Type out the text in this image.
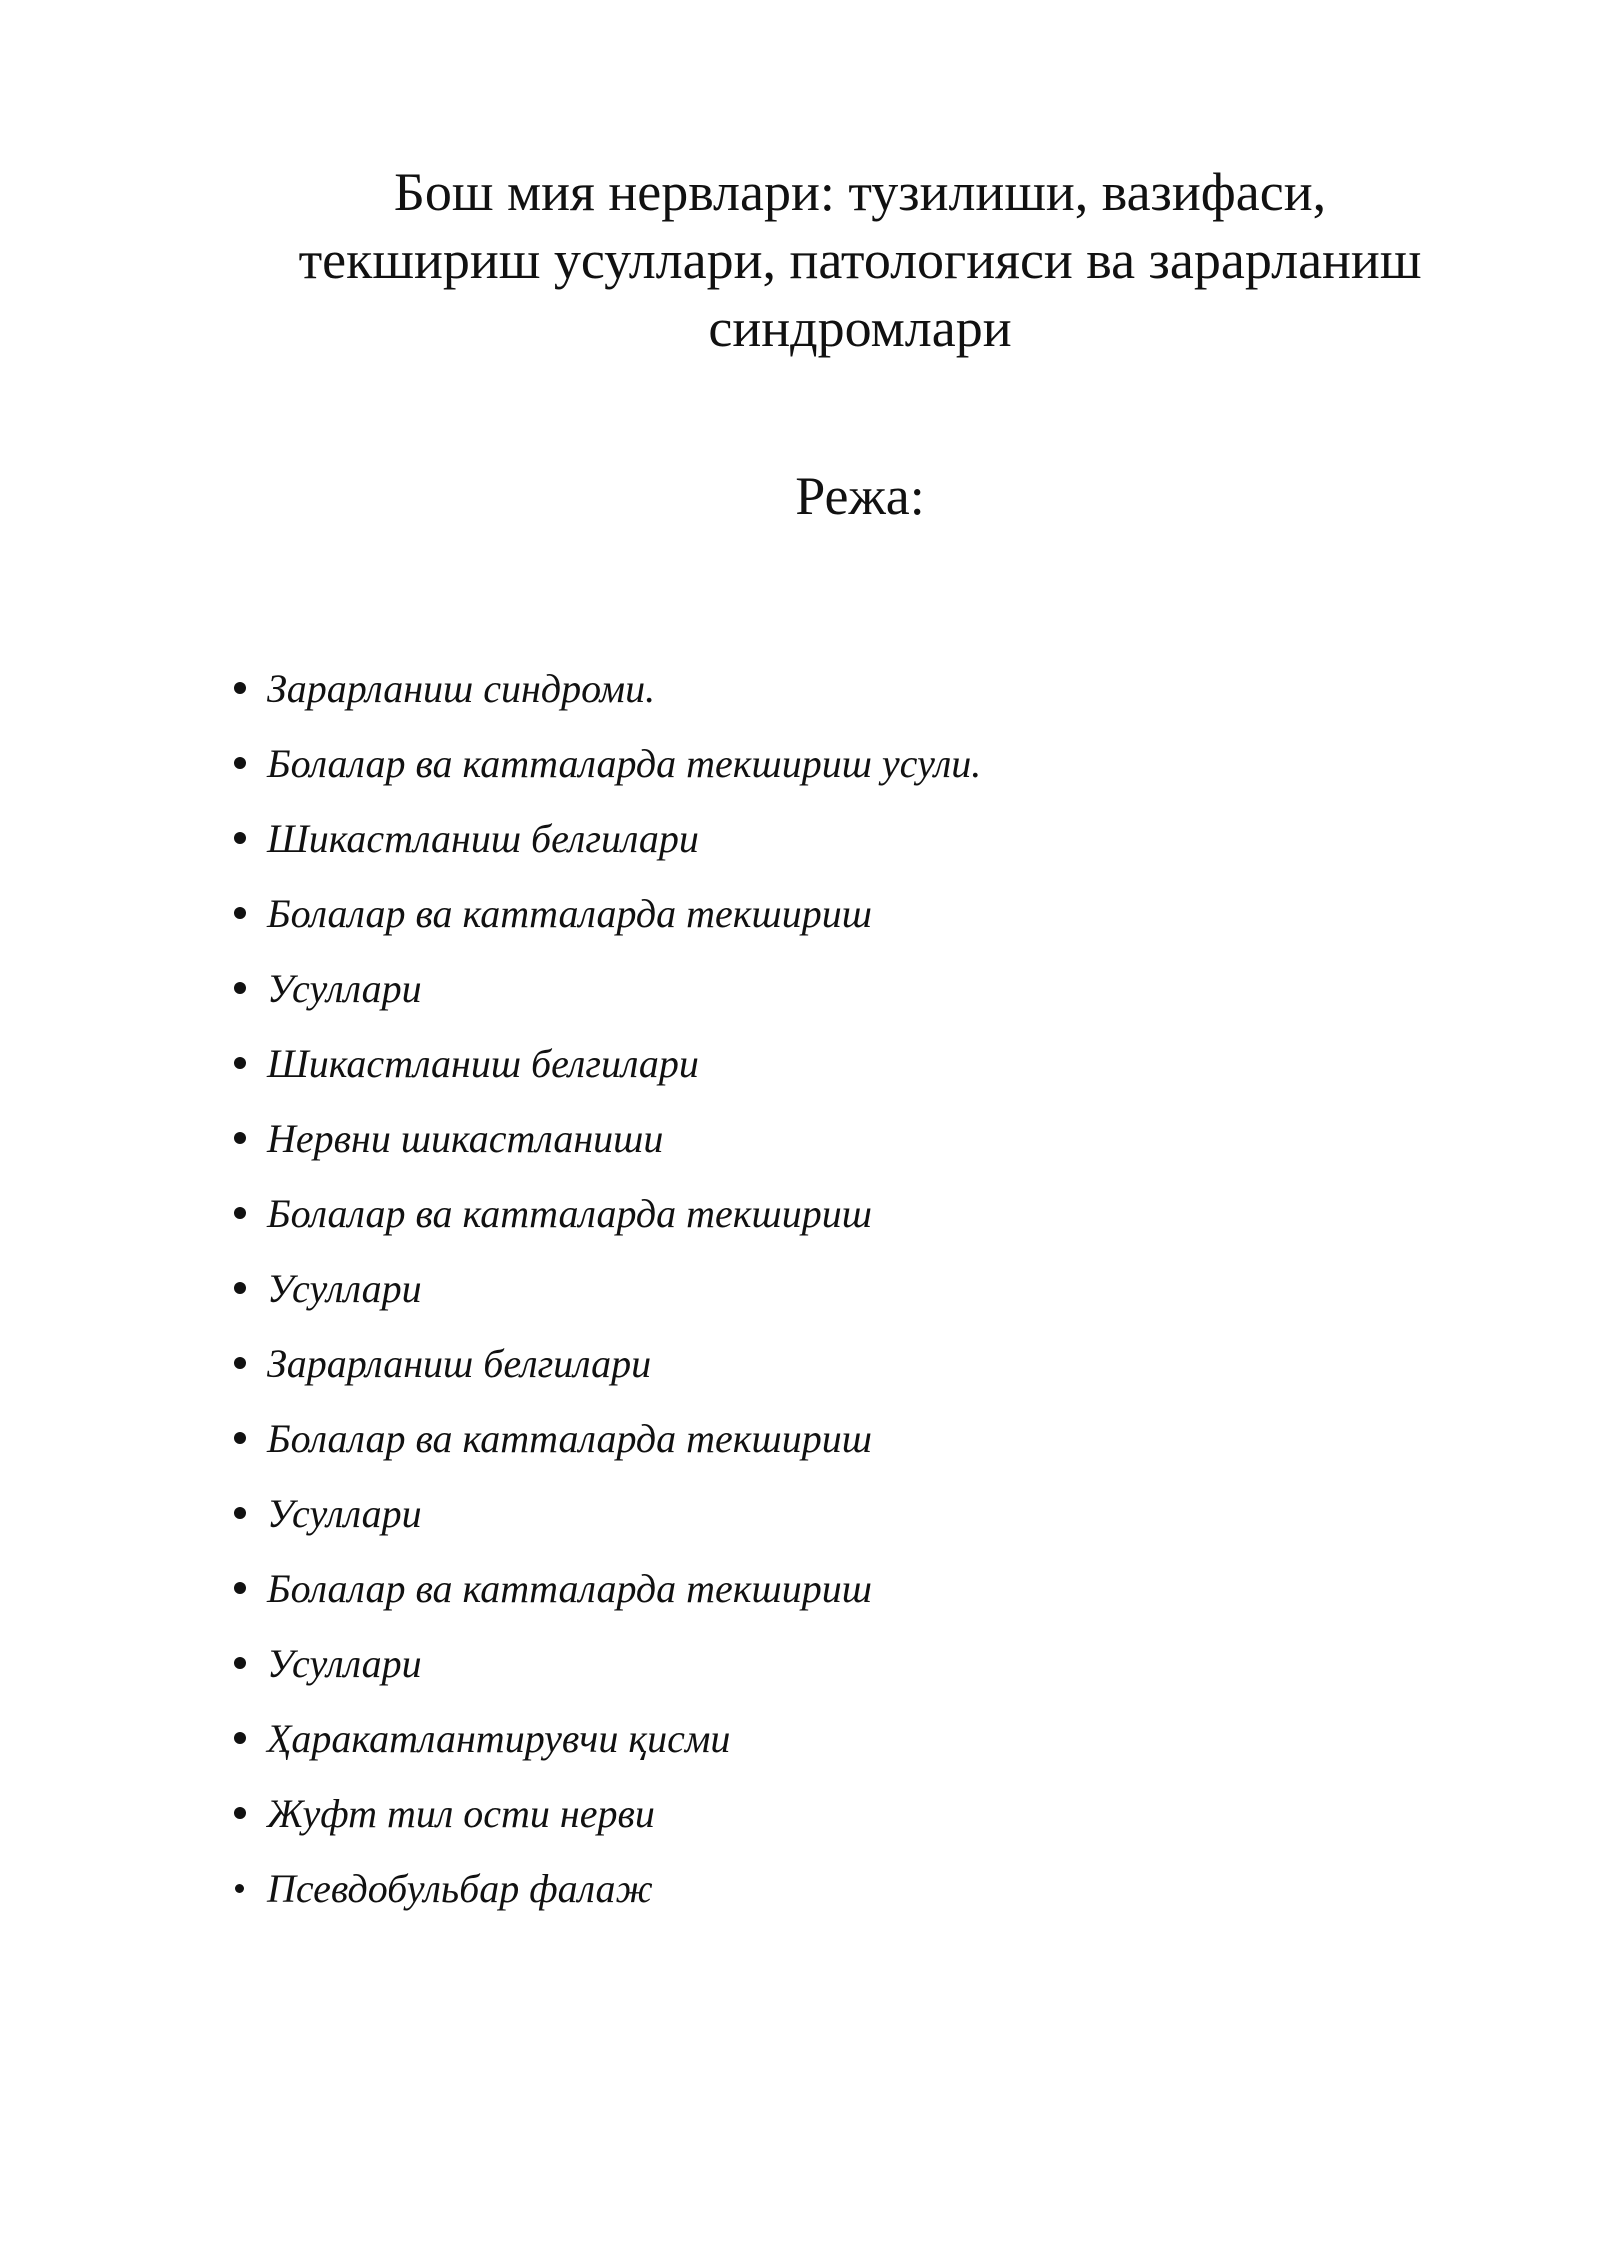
Бош мия нервлари: тузилиши, вазифаси,
текшириш усуллари, патологияси ва зарарланиш
синдромлари
Режа:
Зарарланиш синдроми.
Болалар ва катталарда текшириш усули.
Шикастланиш белгилари
Болалар ва катталарда текшириш
Усуллари
Шикастланиш белгилари
Нервни шикастланиши
Болалар ва катталарда текшириш
Усуллари
Зарарланиш белгилари
Болалар ва катталарда текшириш
Усуллари
Болалар ва катталарда текшириш
Усуллари
Ҳаракатлантирувчи қисми
Жуфт тил ости нерви
Псевдобульбар фалаж
